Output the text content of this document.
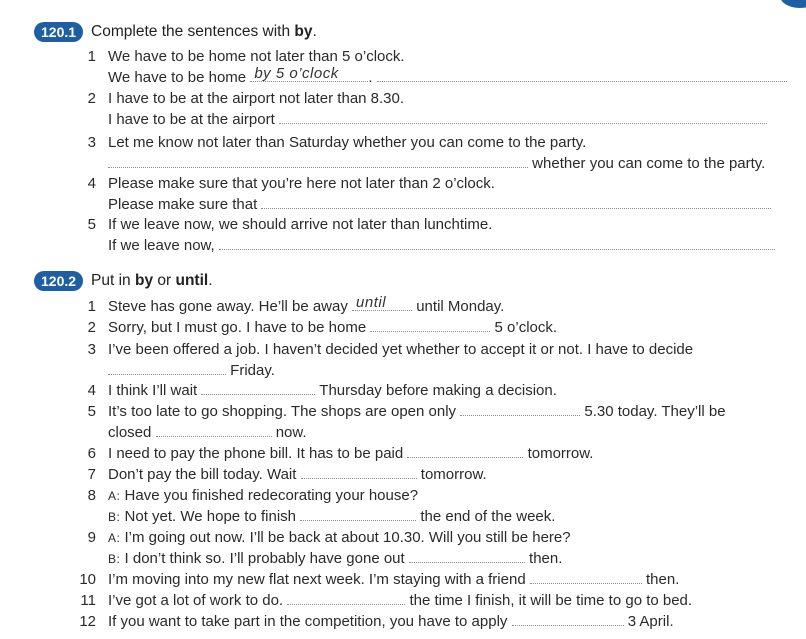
120.1 Complete the sentences with by.
1 We have to be home not later than 5 o’clock.
We have to be home by 5 o’clock .
2 I have to be at the airport not later than 8.30.
I have to be at the airport
3 Let me know not later than Saturday whether you can come to the party.
whether you can come to the party.
4 Please make sure that you’re here not later than 2 o’clock.
Please make sure that
5 If we leave now, we should arrive not later than lunchtime.
If we leave now,
120.2 Put in by or until.
1 Steve has gone away. He’ll be away until until Monday.
2 Sorry, but I must go. I have to be home	5 o’clock.
3 I’ve been offered a job. I haven’t decided yet whether to accept it or not. I have to decide
Friday.
4 I think I’ll wait	Thursday before making a decision.
5 It’s too late to go shopping. The shops are open only	5.30 today. They’ll be
closed	now.
6 I need to pay the phone bill. It has to be paid	tomorrow.
7 Don’t pay the bill today. Wait	tomorrow.
8 A: Have you finished redecorating your house?
B: Not yet. We hope to finish	the end of the week.
9 A: I’m going out now. I’ll be back at about 10.30. Will you still be here?
B: I don’t think so. I’ll probably have gone out	then.
10 I’m moving into my new flat next week. I’m staying with a friend	then.
11 I’ve got a lot of work to do.	the time I finish, it will be time to go to bed.
12 If you want to take part in the competition, you have to apply	3 April.
